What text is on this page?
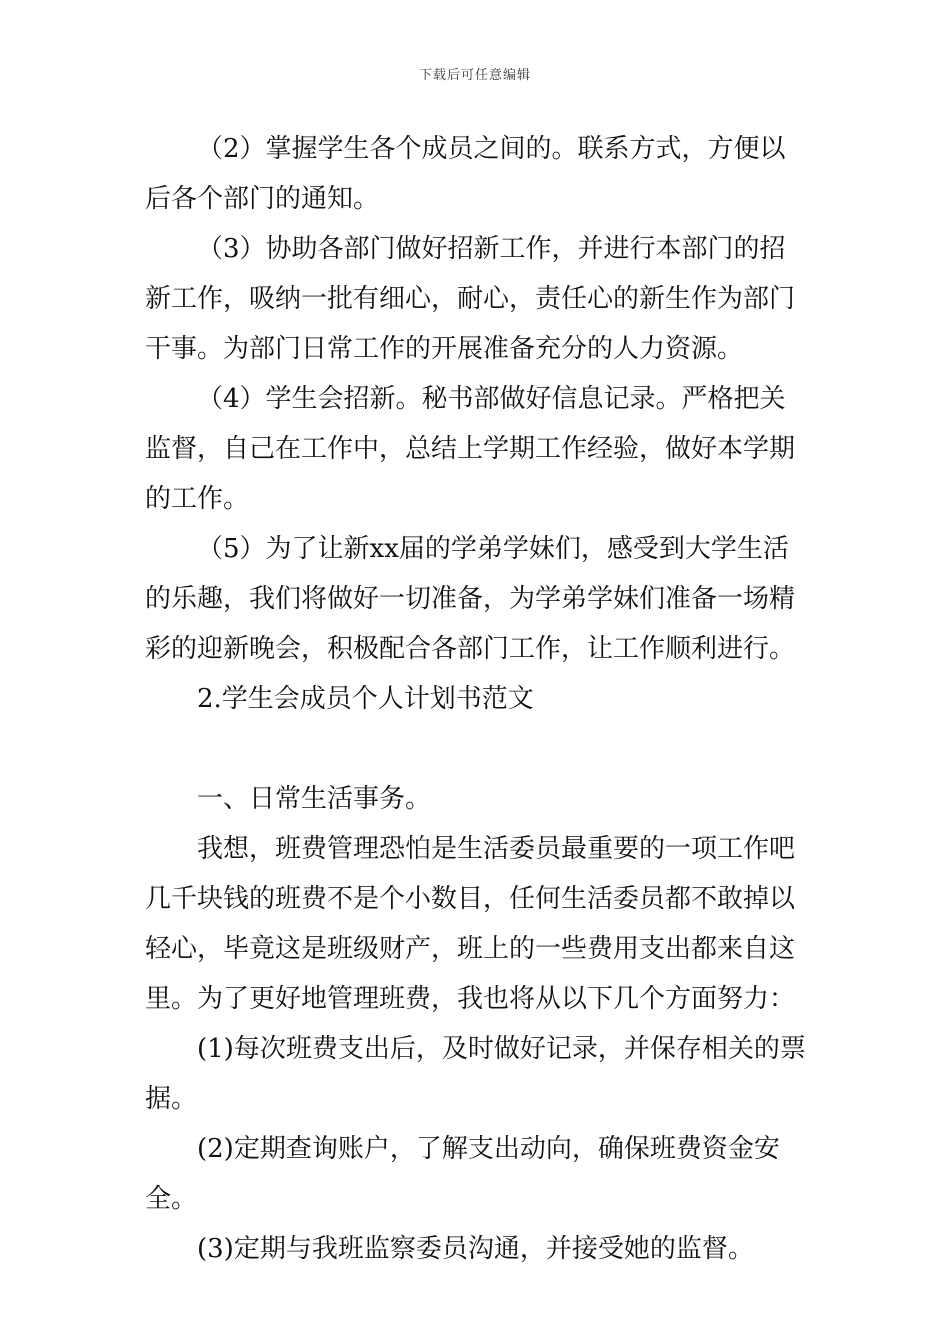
下载后可任意编辑

（2）掌握学生各个成员之间的。联系方式，方便以后各个部门的通知。

（3）协助各部门做好招新工作，并进行本部门的招新工作，吸纳一批有细心，耐心，责任心的新生作为部门干事。为部门日常工作的开展准备充分的人力资源。

（4）学生会招新。秘书部做好信息记录。严格把关监督，自己在工作中，总结上学期工作经验，做好本学期的工作。

（5）为了让新xx届的学弟学妹们，感受到大学生活的乐趣，我们将做好一切准备，为学弟学妹们准备一场精彩的迎新晚会，积极配合各部门工作，让工作顺利进行。

2.学生会成员个人计划书范文

一、日常生活事务。

我想，班费管理恐怕是生活委员最重要的一项工作吧几千块钱的班费不是个小数目，任何生活委员都不敢掉以轻心，毕竟这是班级财产，班上的一些费用支出都来自这里。为了更好地管理班费，我也将从以下几个方面努力：

(1)每次班费支出后，及时做好记录，并保存相关的票据。

(2)定期查询账户，了解支出动向，确保班费资金安全。

(3)定期与我班监察委员沟通，并接受她的监督。
